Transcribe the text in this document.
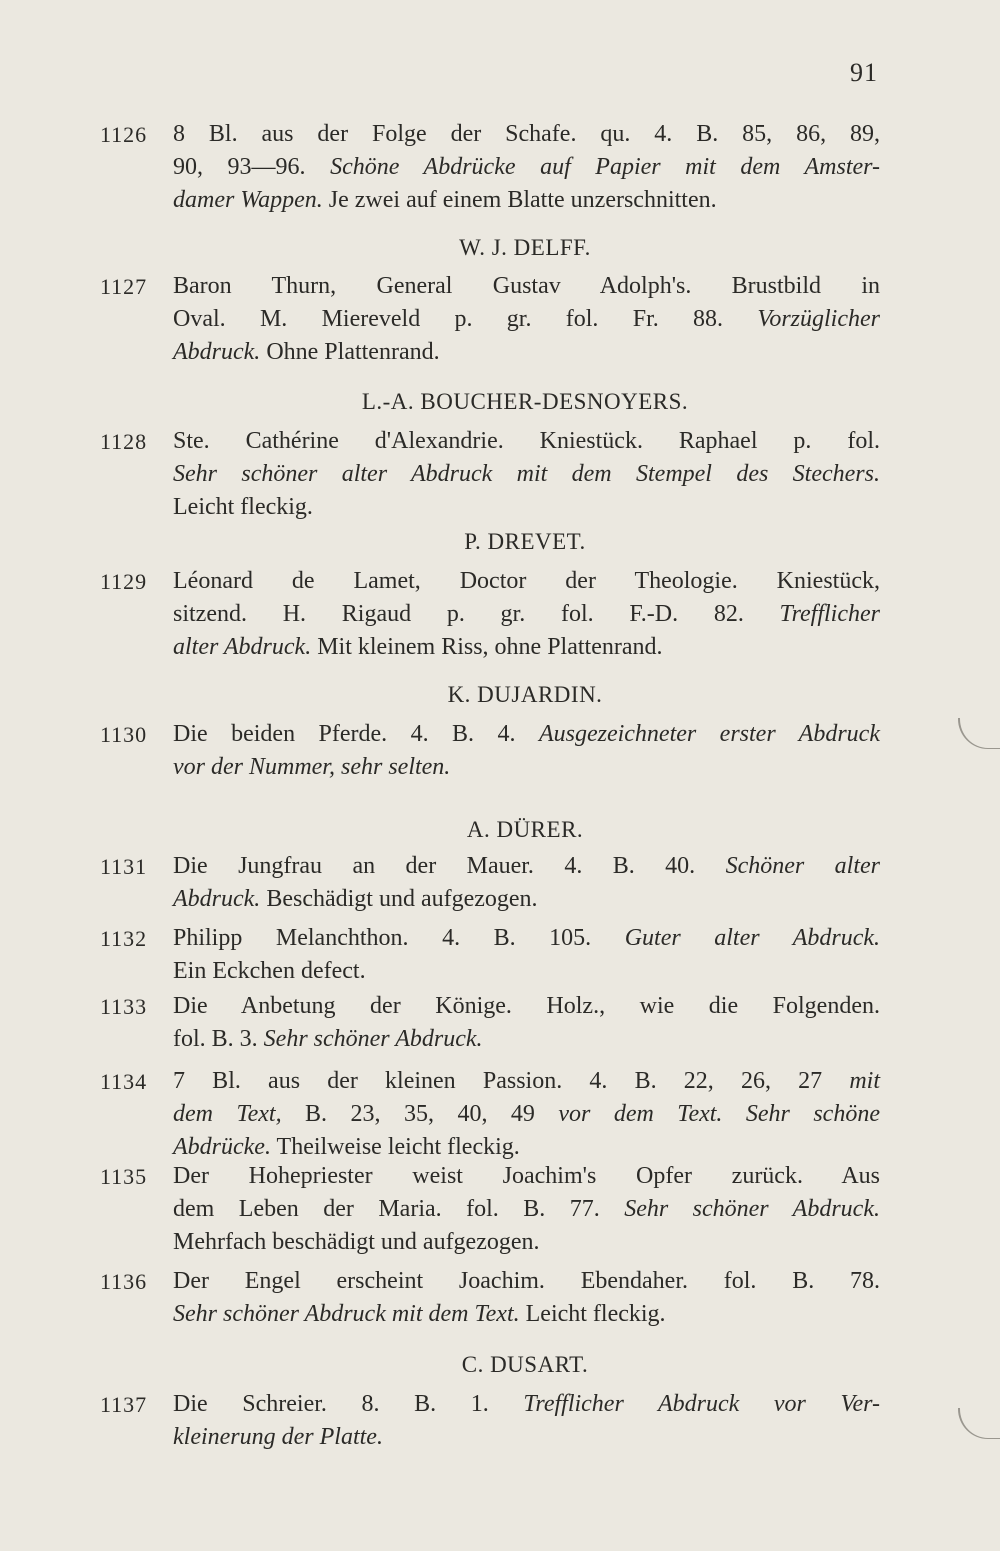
91
1126	8 Bl. aus der Folge der Schafe. qu. 4. B. 85, 86, 89,
90, 93—96. Schöne Abdrücke auf Papier mit dem Amster-
damer Wappen. Je zwei auf einem Blatte unzerschnitten.
W. J. DELFF.
1127	Baron Thurn, General Gustav Adolph's. Brustbild in
Oval. M. Miereveld p. gr. fol. Fr. 88. Vorzüglicher
Abdruck. Ohne Plattenrand.
L.-A. BOUCHER-DESNOYERS.
1128	Ste. Cathérine d'Alexandrie. Kniestück. Raphael p. fol.
Sehr schöner alter Abdruck mit dem Stempel des Stechers.
Leicht fleckig.
P. DREVET.
1129	Léonard de Lamet, Doctor der Theologie. Kniestück,
sitzend. H. Rigaud p. gr. fol. F.-D. 82. Trefflicher
alter Abdruck. Mit kleinem Riss, ohne Plattenrand.
K. DUJARDIN.
1130	Die beiden Pferde. 4. B. 4. Ausgezeichneter erster Abdruck
vor der Nummer, sehr selten.
A. DÜRER.
1131	Die Jungfrau an der Mauer. 4. B. 40. Schöner alter
Abdruck. Beschädigt und aufgezogen.
1132	Philipp Melanchthon. 4. B. 105. Guter alter Abdruck.
Ein Eckchen defect.
1133	Die Anbetung der Könige. Holz., wie die Folgenden.
fol. B. 3. Sehr schöner Abdruck.
1134	7 Bl. aus der kleinen Passion. 4. B. 22, 26, 27 mit
dem Text, B. 23, 35, 40, 49 vor dem Text. Sehr schöne
Abdrücke. Theilweise leicht fleckig.
1135	Der Hohepriester weist Joachim's Opfer zurück. Aus
dem Leben der Maria. fol. B. 77. Sehr schöner Abdruck.
Mehrfach beschädigt und aufgezogen.
1136	Der Engel erscheint Joachim. Ebendaher. fol. B. 78.
Sehr schöner Abdruck mit dem Text. Leicht fleckig.
C. DUSART.
1137	Die Schreier. 8. B. 1. Trefflicher Abdruck vor Ver-
kleinerung der Platte.
